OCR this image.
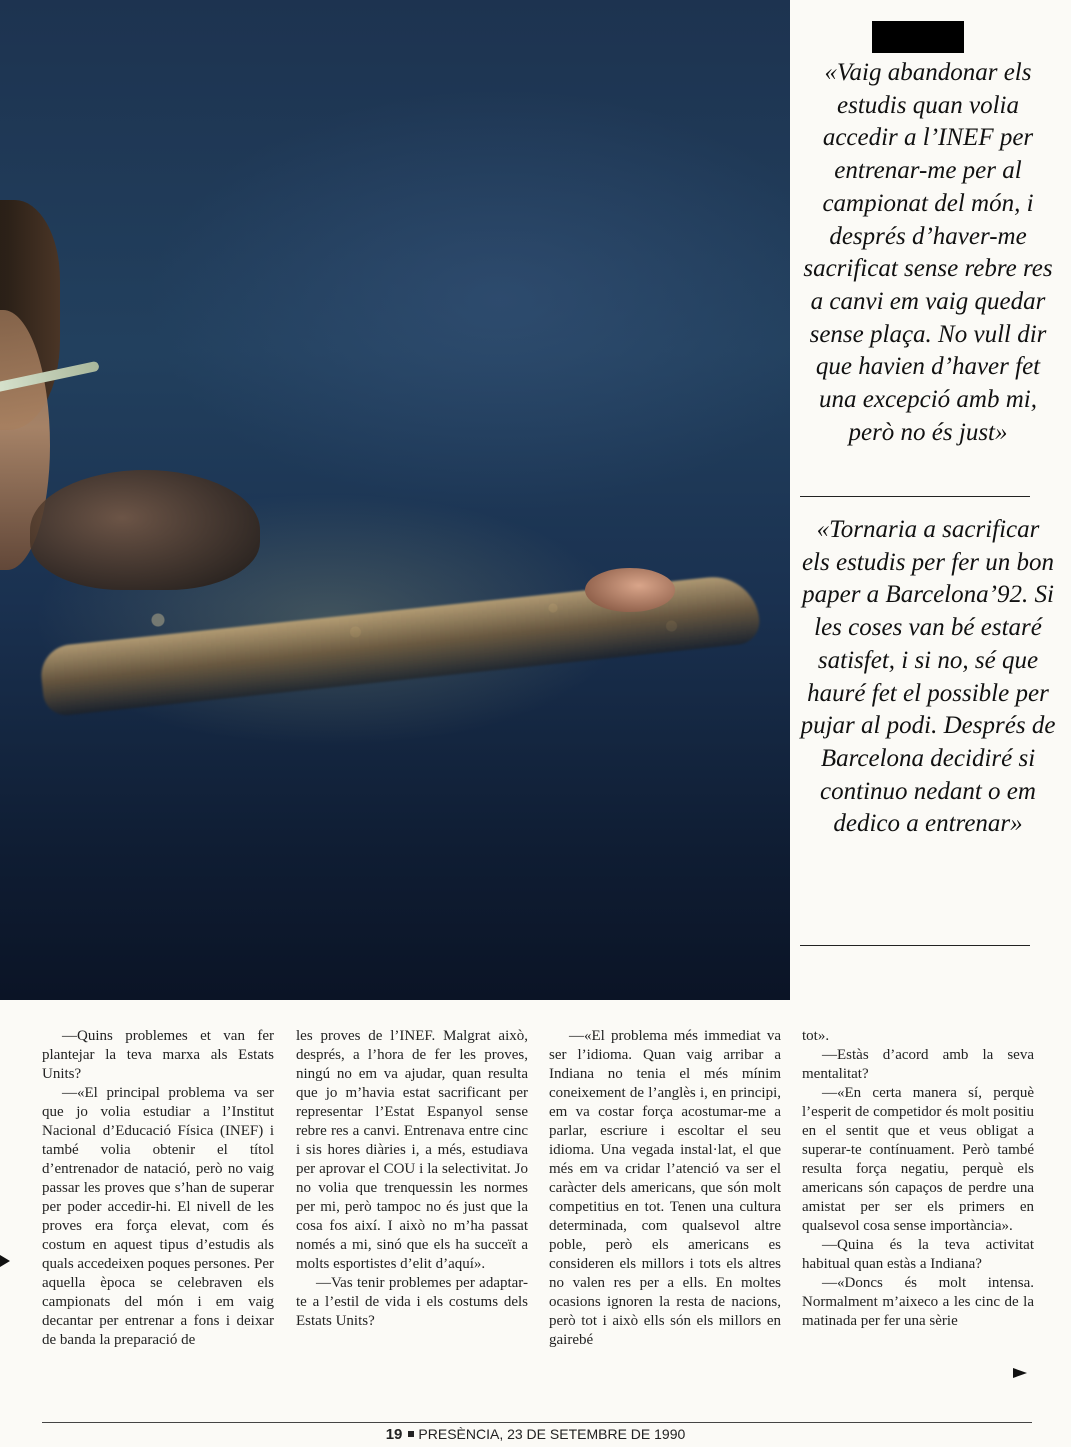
«Vaig abandonar els estudis quan volia accedir a l’INEF per entrenar-me per al campionat del món, i després d’haver-me sacrificat sense rebre res a canvi em vaig quedar sense plaça. No vull dir que havien d’haver fet una excepció amb mi, però no és just»
«Tornaria a sacrificar els estudis per fer un bon paper a Barcelona’92. Si les coses van bé estaré satisfet, i si no, sé que hauré fet el possible per pujar al podi. Després de Barcelona decidiré si continuo nedant o em dedico a entrenar»

—Quins problemes et van fer plantejar la teva marxa als Estats Units?

—«El principal problema va ser que jo volia estudiar a l’Institut Nacional d’Educació Física (INEF) i també volia obtenir el títol d’entrenador de natació, però no vaig passar les proves que s’han de superar per poder accedir-hi. El nivell de les proves era força elevat, com és costum en aquest tipus d’estudis als quals accedeixen poques persones. Per aquella època se celebraven els campionats del món i em vaig decantar per entrenar a fons i deixar de banda la preparació de

les proves de l’INEF. Malgrat això, després, a l’hora de fer les proves, ningú no em va ajudar, quan resulta que jo m’havia estat sacrificant per representar l’Estat Espanyol sense rebre res a canvi. Entrenava entre cinc i sis hores diàries i, a més, estudiava per aprovar el COU i la selectivitat. Jo no volia que trenquessin les normes per mi, però tampoc no és just que la cosa fos així. I això no m’ha passat només a mi, sinó que els ha succeït a molts esportistes d’elit d’aquí».

—Vas tenir problemes per adaptar-te a l’estil de vida i els costums dels Estats Units?

—«El problema més immediat va ser l’idioma. Quan vaig arribar a Indiana no tenia el més mínim coneixement de l’anglès i, en principi, em va costar força acostumar-me a parlar, escriure i escoltar el seu idioma. Una vegada instal·lat, el que més em va cridar l’atenció va ser el caràcter dels americans, que són molt competitius en tot. Tenen una cultura determinada, com qualsevol altre poble, però els americans es consideren els millors i tots els altres no valen res per a ells. En moltes ocasions ignoren la resta de nacions, però tot i això ells són els millors en gairebé

tot».

—Estàs d’acord amb la seva mentalitat?

—«En certa manera sí, perquè l’esperit de competidor és molt positiu en el sentit que et veus obligat a superar-te contínuament. Però també resulta força negatiu, perquè els americans són capaços de perdre una amistat per ser els primers en qualsevol cosa sense importància».

—Quina és la teva activitat habitual quan estàs a Indiana?

—«Doncs és molt intensa. Normalment m’aixeco a les cinc de la matinada per fer una sèrie

19 PRESÈNCIA, 23 DE SETEMBRE DE 1990
